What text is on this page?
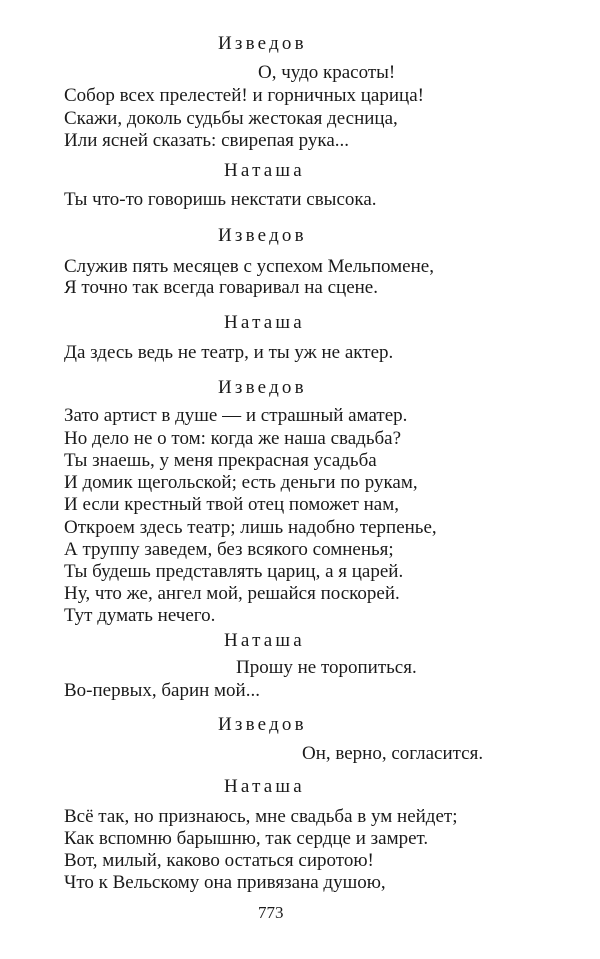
Изведов
О, чудо красоты!
Собор всех прелестей! и горничных царица!
Скажи, доколь судьбы жестокая десница,
Или ясней сказать: свирепая рука...
Наташа
Ты что-то говоришь некстати свысока.
Изведов
Служив пять месяцев с успехом Мельпомене,
Я точно так всегда говаривал на сцене.
Наташа
Да здесь ведь не театр, и ты уж не актер.
Изведов
Зато артист в душе — и страшный аматер.
Но дело не о том: когда же наша свадьба?
Ты знаешь, у меня прекрасная усадьба
И домик щегольской; есть деньги по рукам,
И если крестный твой отец поможет нам,
Откроем здесь театр; лишь надобно терпенье,
А труппу заведем, без всякого сомненья;
Ты будешь представлять цариц, а я царей.
Ну, что же, ангел мой, решайся поскорей.
Тут думать нечего.
Наташа
Прошу не торопиться.
Во-первых, барин мой...
Изведов
Он, верно, согласится.
Наташа
Всё так, но признаюсь, мне свадьба в ум нейдет;
Как вспомню барышню, так сердце и замрет.
Вот, милый, каково остаться сиротою!
Что к Вельскому она привязана душою,
773
